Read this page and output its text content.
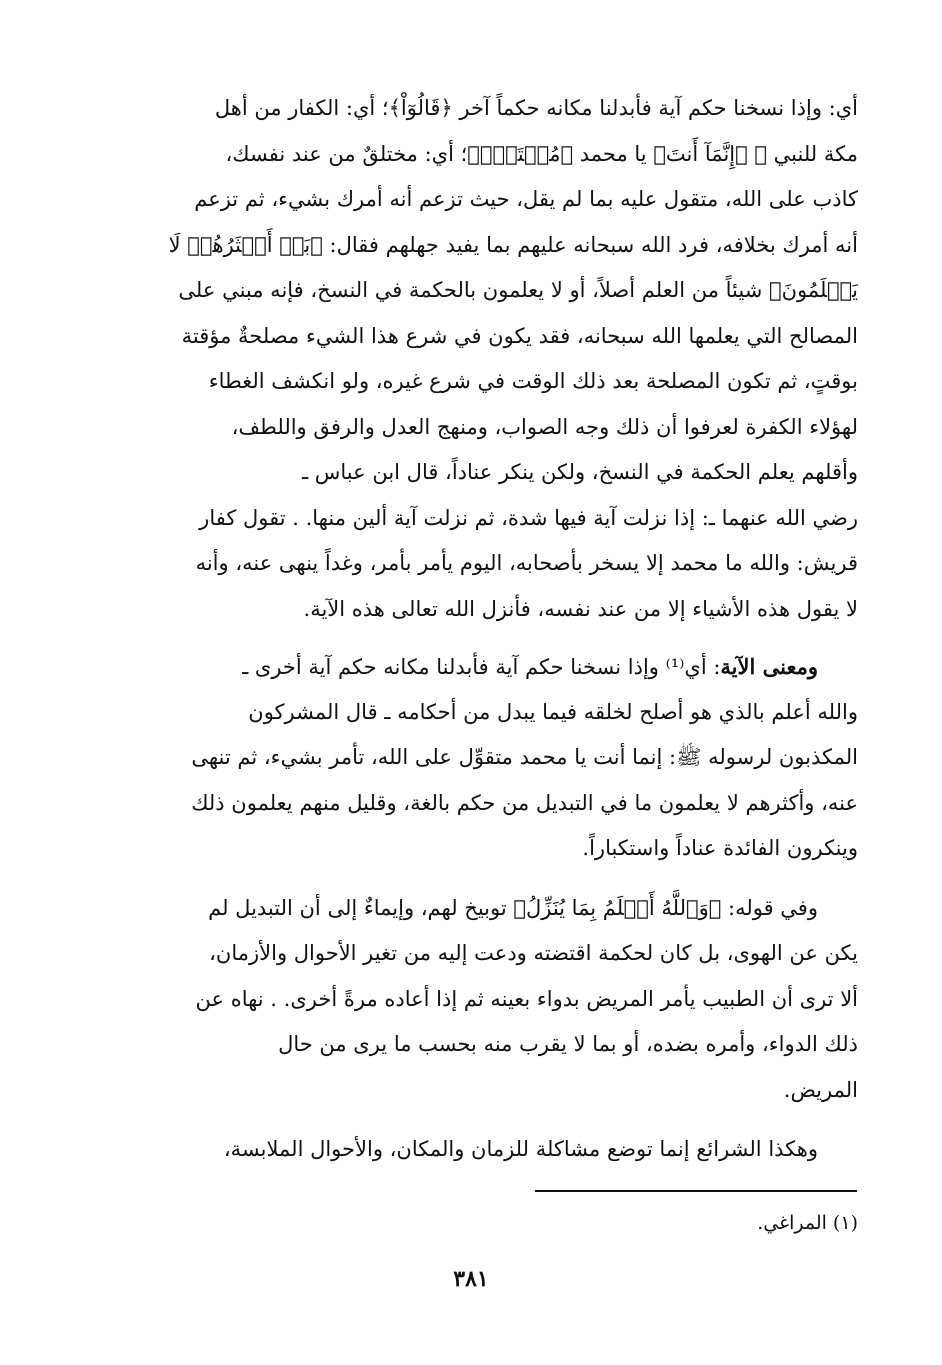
أي: وإذا نسخنا حكم آية فأبدلنا مكانه حكماً آخر ﴿قَالُوٓاْ﴾؛ أي: الكفار من أهل
مكة للنبي ﷺ ﴿إِنَّمَآ أَنتَ﴾ يا محمد ﴿مُفۡتَرِۭ﴾؛ أي: مختلقٌ من عند نفسك،
كاذب على الله، متقول عليه بما لم يقل، حيث تزعم أنه أمرك بشيء، ثم تزعم
أنه أمرك بخلافه، فرد الله سبحانه عليهم بما يفيد جهلهم فقال: ﴿بَلۡ أَكۡثَرُهُمۡ لَا
يَعۡلَمُونَ﴾ شيئاً من العلم أصلاً، أو لا يعلمون بالحكمة في النسخ، فإنه مبني على
المصالح التي يعلمها الله سبحانه، فقد يكون في شرع هذا الشيء مصلحةٌ مؤقتة
بوقتٍ، ثم تكون المصلحة بعد ذلك الوقت في شرع غيره، ولو انكشف الغطاء
لهؤلاء الكفرة لعرفوا أن ذلك وجه الصواب، ومنهج العدل والرفق واللطف،
وأقلهم يعلم الحكمة في النسخ، ولكن ينكر عناداً، قال ابن عباس ـ
رضي الله عنهما ـ: إذا نزلت آية فيها شدة، ثم نزلت آية ألين منها. . تقول كفار
قريش: والله ما محمد إلا يسخر بأصحابه، اليوم يأمر بأمر، وغداً ينهى عنه، وأنه
لا يقول هذه الأشياء إلا من عند نفسه، فأنزل الله تعالى هذه الآية.
ومعنى الآية: أي⁽¹⁾ وإذا نسخنا حكم آية فأبدلنا مكانه حكم آية أخرى ـ
والله أعلم بالذي هو أصلح لخلقه فيما يبدل من أحكامه ـ قال المشركون
المكذبون لرسوله ﷺ: إنما أنت يا محمد متقوِّل على الله، تأمر بشيء، ثم تنهى
عنه، وأكثرهم لا يعلمون ما في التبديل من حكم بالغة، وقليل منهم يعلمون ذلك
وينكرون الفائدة عناداً واستكباراً.
وفي قوله: ﴿وَٱللَّهُ أَعۡلَمُ بِمَا يُنَزِّلُ﴾ توبيخ لهم، وإيماءٌ إلى أن التبديل لم
يكن عن الهوى، بل كان لحكمة اقتضته ودعت إليه من تغير الأحوال والأزمان،
ألا ترى أن الطبيب يأمر المريض بدواء بعينه ثم إذا أعاده مرةً أخرى. . نهاه عن
ذلك الدواء، وأمره بضده، أو بما لا يقرب منه بحسب ما يرى من حال
المريض.
وهكذا الشرائع إنما توضع مشاكلة للزمان والمكان، والأحوال الملابسة،
(١) المراغي.
٣٨١
